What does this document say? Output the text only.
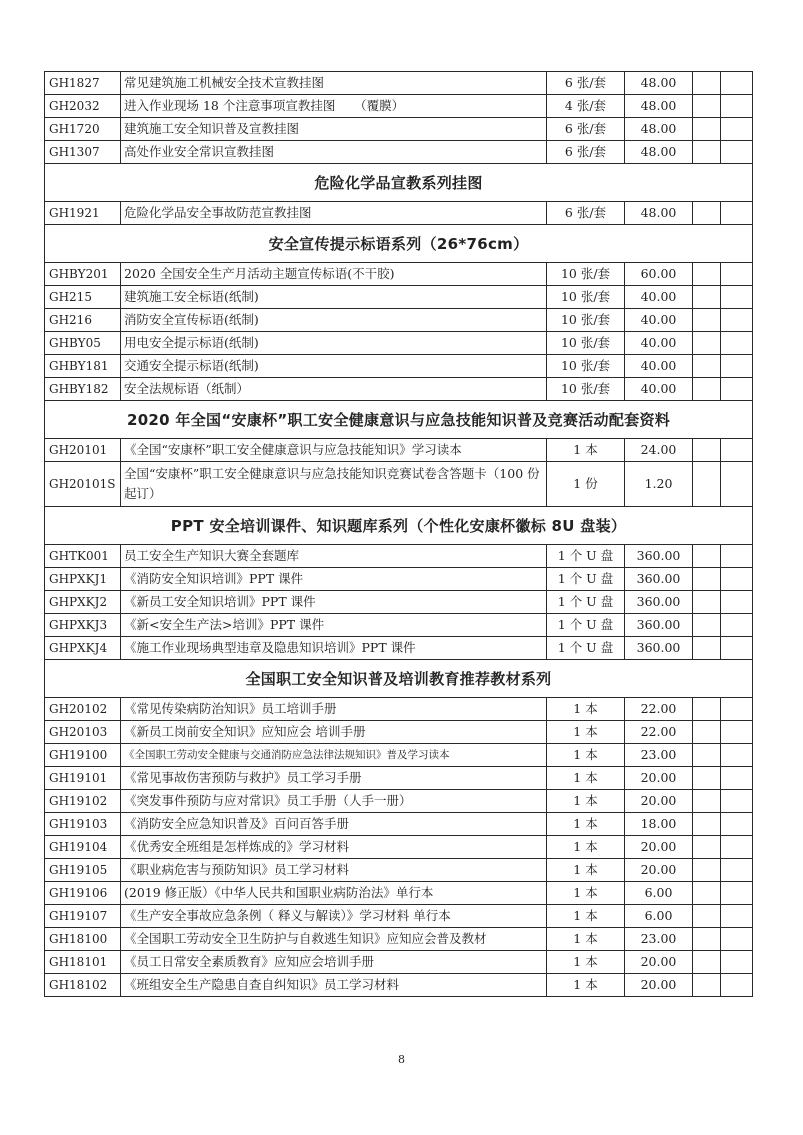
GH1827	常见建筑施工机械安全技术宣教挂图	6 张/套	48.00		
GH2032	进入作业现场 18 个注意事项宣教挂图　　（覆膜）	4 张/套	48.00		
GH1720	建筑施工安全知识普及宣教挂图	6 张/套	48.00		
GH1307	高处作业安全常识宣教挂图	6 张/套	48.00		
危险化学品宣教系列挂图					
GH1921	危险化学品安全事故防范宣教挂图	6 张/套	48.00		
安全宣传提示标语系列（26*76cm）					
GHBY201	2020 全国安全生产月活动主题宣传标语(不干胶)	10 张/套	60.00		
GH215	建筑施工安全标语(纸制)	10 张/套	40.00		
GH216	消防安全宣传标语(纸制)	10 张/套	40.00		
GHBY05	用电安全提示标语(纸制)	10 张/套	40.00		
GHBY181	交通安全提示标语(纸制)	10 张/套	40.00		
GHBY182	安全法规标语（纸制）	10 张/套	40.00		
2020 年全国“安康杯”职工安全健康意识与应急技能知识普及竞赛活动配套资料					
GH20101	《全国“安康杯”职工安全健康意识与应急技能知识》学习读本	1 本	24.00		
GH20101S	全国“安康杯”职工安全健康意识与应急技能知识竞赛试卷含答题卡（100 份起订）	1 份	1.20		
PPT 安全培训课件、知识题库系列（个性化安康杯徽标 8U 盘装）					
GHTK001	员工安全生产知识大赛全套题库	1 个 U 盘	360.00		
GHPXKJ1	《消防安全知识培训》PPT 课件	1 个 U 盘	360.00		
GHPXKJ2	《新员工安全知识培训》PPT 课件	1 个 U 盘	360.00		
GHPXKJ3	《新<安全生产法>培训》PPT 课件	1 个 U 盘	360.00		
GHPXKJ4	《施工作业现场典型违章及隐患知识培训》PPT 课件	1 个 U 盘	360.00		
全国职工安全知识普及培训教育推荐教材系列					
GH20102	《常见传染病防治知识》员工培训手册	1 本	22.00		
GH20103	《新员工岗前安全知识》应知应会 培训手册	1 本	22.00		
GH19100	《全国职工劳动安全健康与交通消防应急法律法规知识》普及学习读本	1 本	23.00		
GH19101	《常见事故伤害预防与救护》员工学习手册	1 本	20.00		
GH19102	《突发事件预防与应对常识》员工手册（人手一册）	1 本	20.00		
GH19103	《消防安全应急知识普及》百问百答手册	1 本	18.00		
GH19104	《优秀安全班组是怎样炼成的》学习材料	1 本	20.00		
GH19105	《职业病危害与预防知识》员工学习材料	1 本	20.00		
GH19106	(2019 修正版）《中华人民共和国职业病防治法》单行本	1 本	6.00		
GH19107	《生产安全事故应急条例（ 释义与解读）》学习材料 单行本	1 本	6.00		
GH18100	《全国职工劳动安全卫生防护与自救逃生知识》应知应会普及教材	1 本	23.00		
GH18101	《员工日常安全素质教育》应知应会培训手册	1 本	20.00		
GH18102	《班组安全生产隐患自查自纠知识》员工学习材料	1 本	20.00		
8
